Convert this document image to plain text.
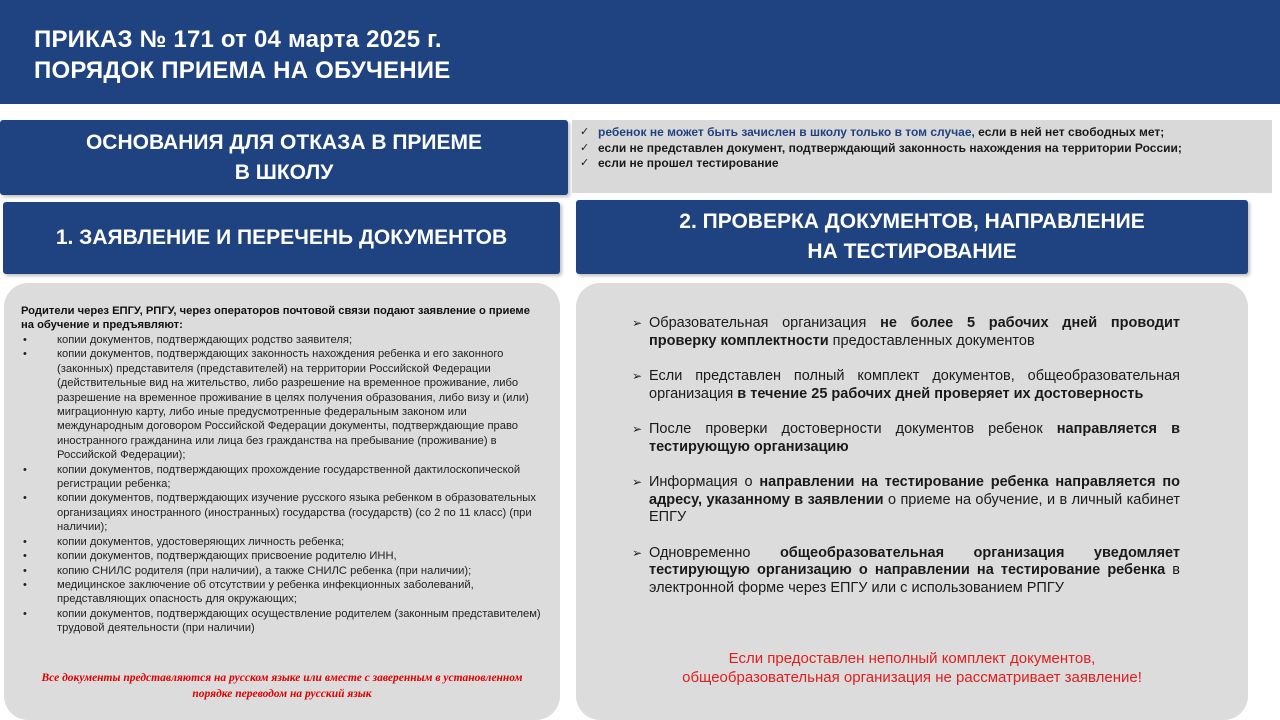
ПРИКАЗ № 171 от 04 марта 2025 г.
ПОРЯДОК ПРИЕМА НА ОБУЧЕНИЕ
ОСНОВАНИЯ ДЛЯ ОТКАЗА В ПРИЕМЕ
В ШКОЛУ
✓ ребенок не может быть зачислен в школу только в том случае, если в ней нет свободных мет;
✓ если не представлен документ, подтверждающий законность нахождения на территории России;
✓ если не прошел тестирование
1. ЗАЯВЛЕНИЕ И ПЕРЕЧЕНЬ ДОКУМЕНТОВ
2. ПРОВЕРКА ДОКУМЕНТОВ, НАПРАВЛЕНИЕ
НА ТЕСТИРОВАНИЕ
Родители через ЕПГУ, РПГУ, через операторов почтовой связи подают заявление о приеме на обучение и предъявляют:
• копии документов, подтверждающих родство заявителя;
• копии документов, подтверждающих законность нахождения ребенка и его законного (законных) представителя (представителей) на территории Российской Федерации (действительные вид на жительство, либо разрешение на временное проживание, либо разрешение на временное проживание в целях получения образования, либо визу и (или) миграционную карту, либо иные предусмотренные федеральным законом или международным договором Российской Федерации документы, подтверждающие право иностранного гражданина или лица без гражданства на пребывание (проживание) в Российской Федерации);
• копии документов, подтверждающих прохождение государственной дактилоскопической регистрации ребенка;
• копии документов, подтверждающих изучение русского языка ребенком в образовательных организациях иностранного (иностранных) государства (государств) (со 2 по 11 класс) (при наличии);
• копии документов, удостоверяющих личность ребенка;
• копии документов, подтверждающих присвоение родителю ИНН,
• копию СНИЛС родителя (при наличии), а также СНИЛС ребенка (при наличии);
• медицинское заключение об отсутствии у ребенка инфекционных заболеваний, представляющих опасность для окружающих;
• копии документов, подтверждающих осуществление родителем (законным представителем) трудовой деятельности (при наличии)
Все документы представляются на русском языке или вместе с заверенным в установленном порядке переводом на русский язык
➢ Образовательная организация не более 5 рабочих дней проводит проверку комплектности предоставленных документов
➢ Если представлен полный комплект документов, общеобразовательная организация в течение 25 рабочих дней проверяет их достоверность
➢ После проверки достоверности документов ребенок направляется в тестирующую организацию
➢ Информация о направлении на тестирование ребенка направляется по адресу, указанному в заявлении о приеме на обучение, и в личный кабинет ЕПГУ
➢ Одновременно общеобразовательная организация уведомляет тестирующую организацию о направлении на тестирование ребенка в электронной форме через ЕПГУ или с использованием РПГУ
Если предоставлен неполный комплект документов,
общеобразовательная организация не рассматривает заявление!
